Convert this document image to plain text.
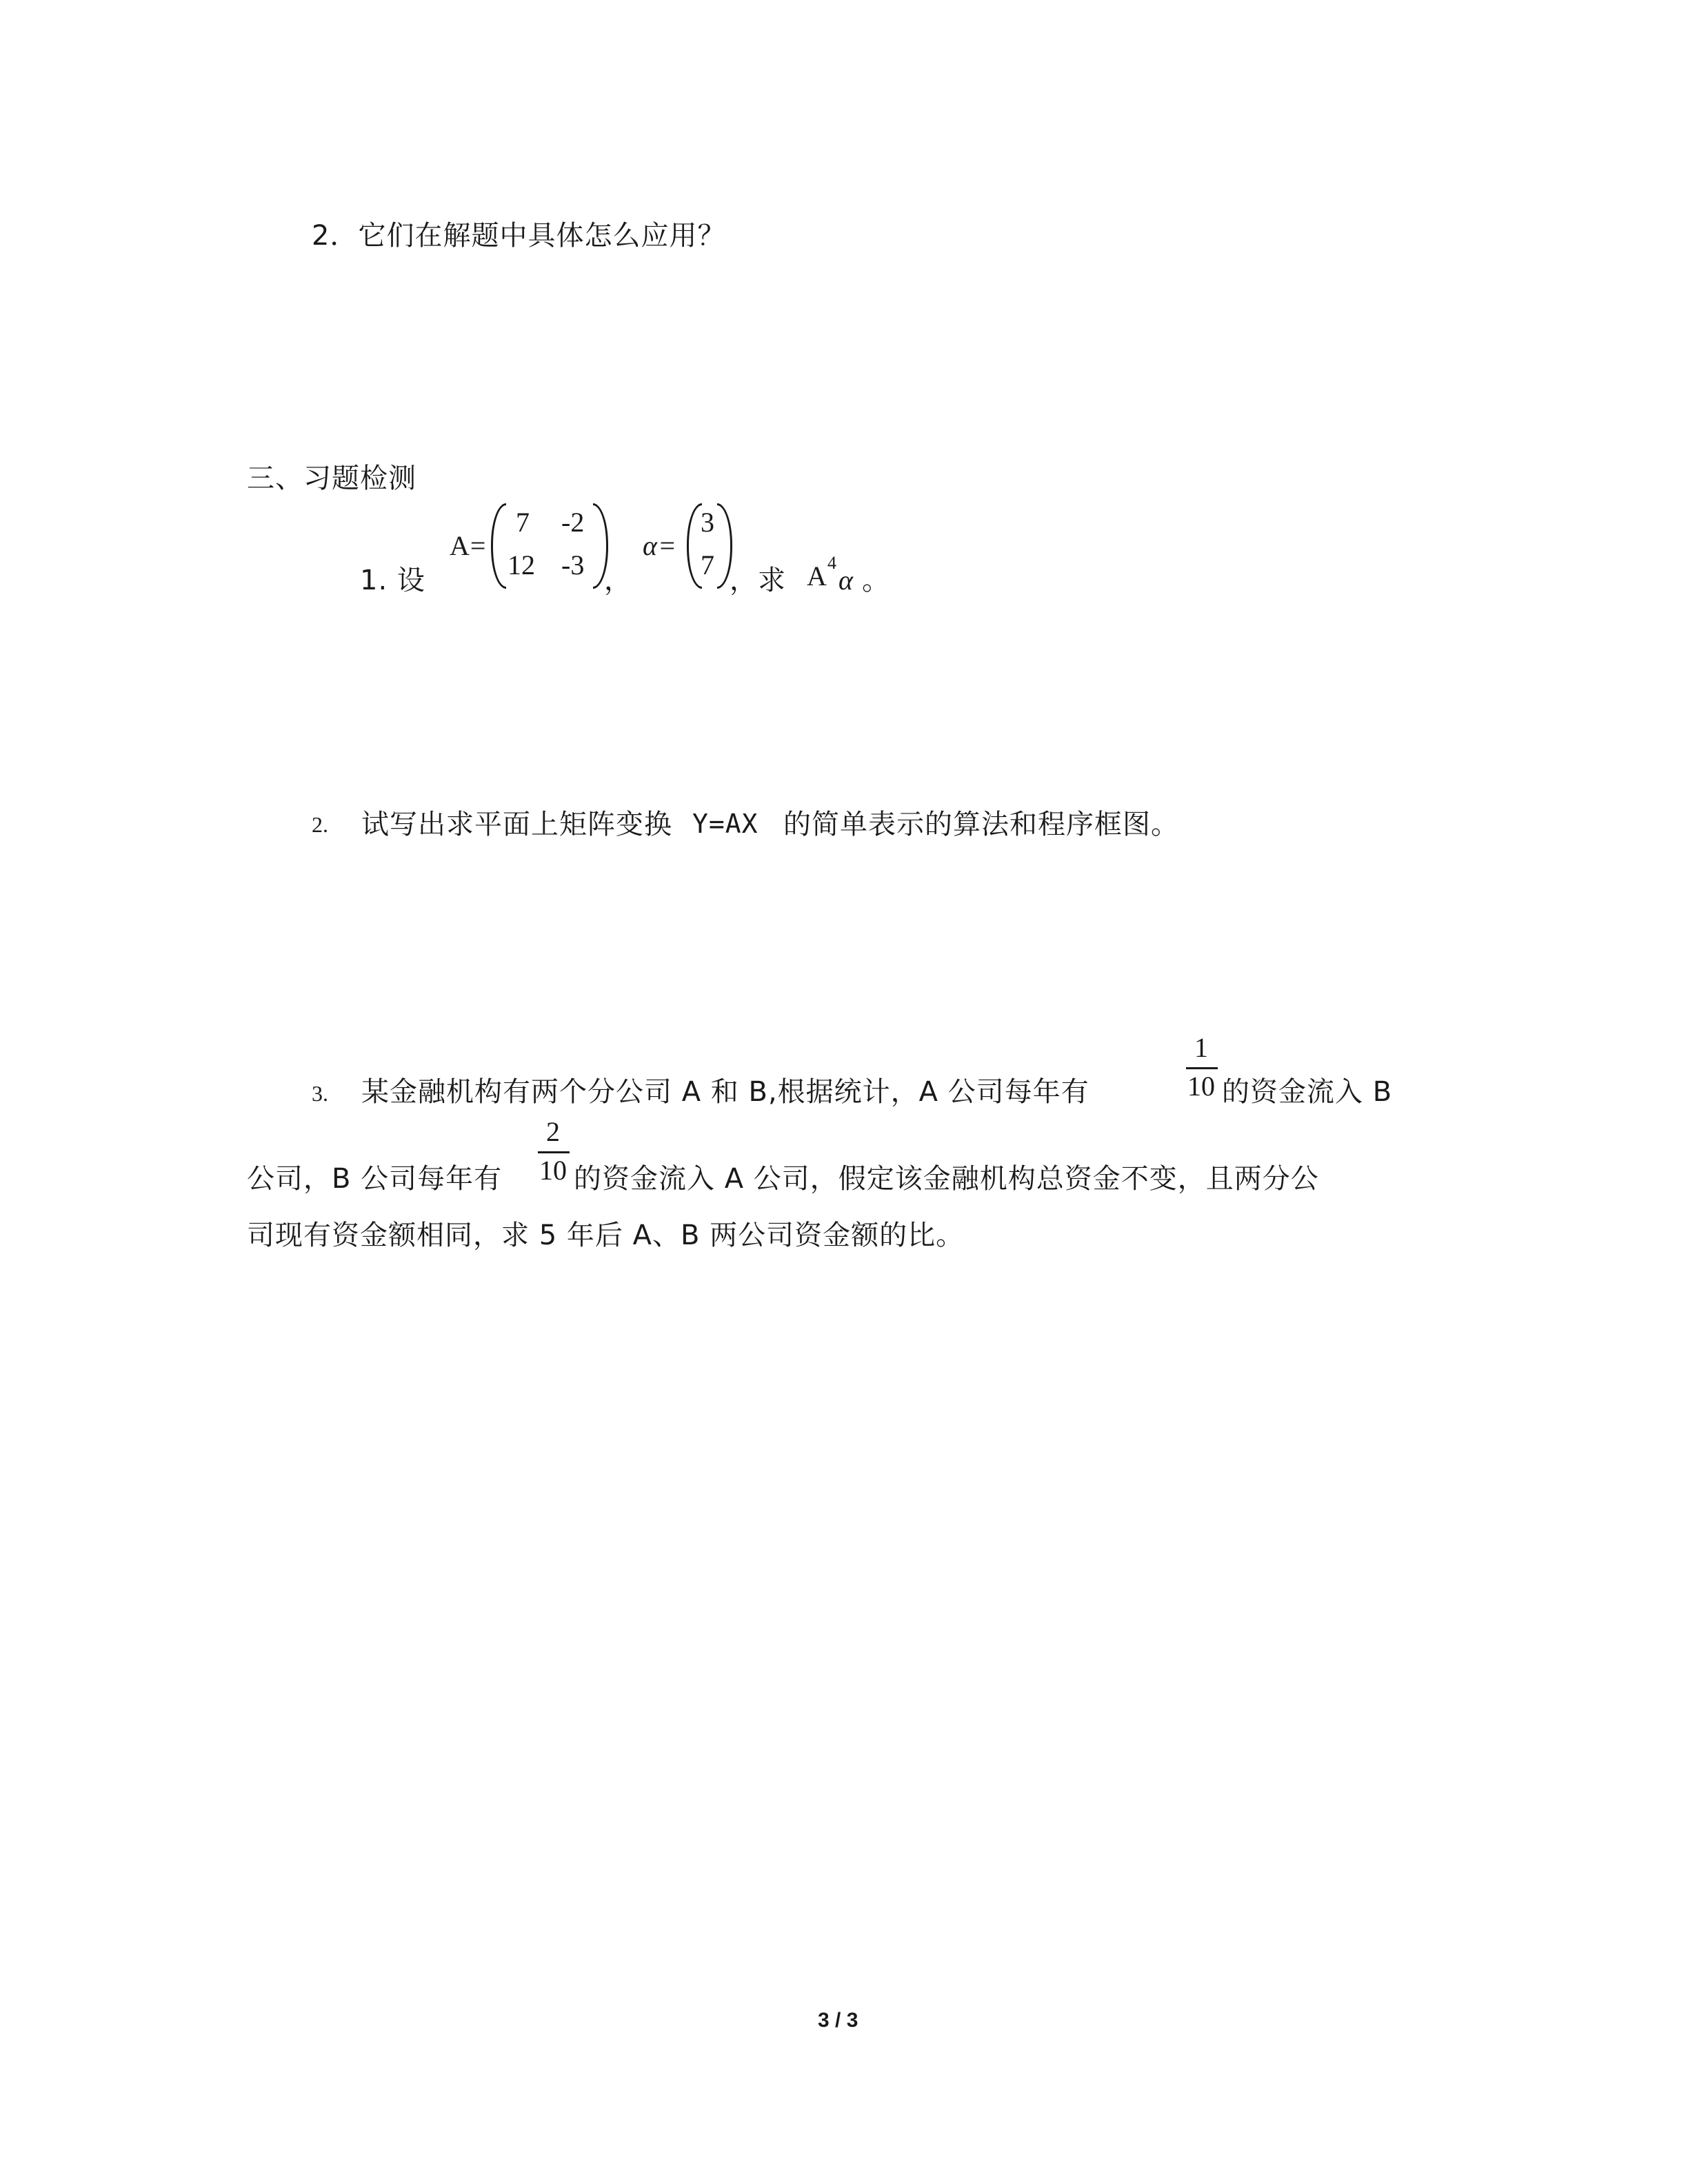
2．它们在解题中具体怎么应用？
三、习题检测
1. 设
A=
7 -2
12 -3 ，
α=
3
7 ，求 A 4
α 。
2. 试写出求平面上矩阵变换 Y=AX 的简单表示的算法和程序框图。
3. 某金融机构有两个分公司 A 和 B,根据统计，A 公司每年有
1
10 的资金流入 B
公司，B 公司每年有
2
10 的资金流入 A 公司，假定该金融机构总资金不变，且两分公
司现有资金额相同，求 5 年后 A、B 两公司资金额的比。
3 / 3
